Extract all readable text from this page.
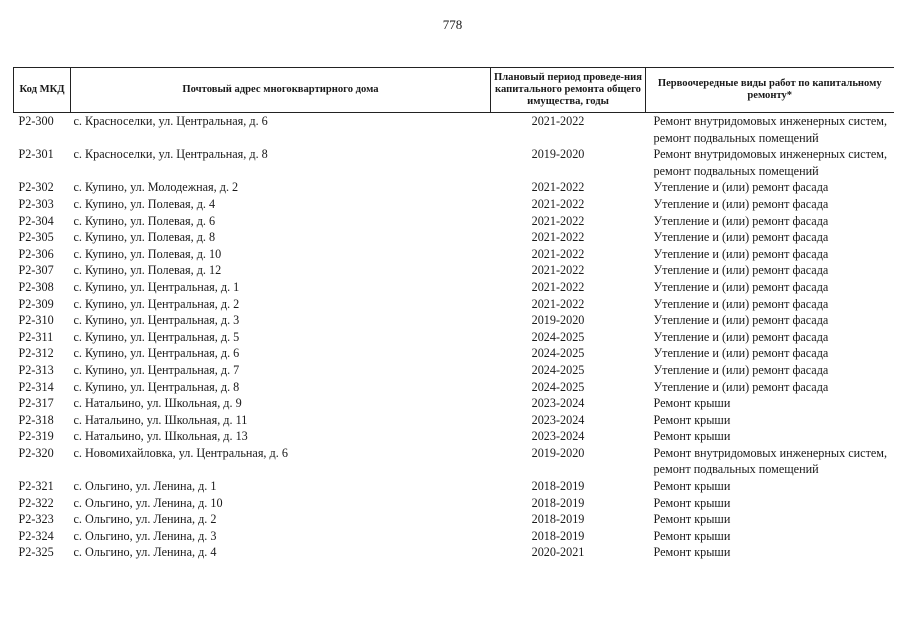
778
Код МКД	Почтовый адрес многоквартирного дома	Плановый период проведе-ния капитального ремонта общего имущества, годы	Первоочередные виды работ по капитальному ремонту*
Р2-300	с. Красноселки, ул. Центральная, д. 6	2021-2022	Ремонт внутридомовых инженерных систем, ремонт подвальных помещений
Р2-301	с. Красноселки, ул. Центральная, д. 8	2019-2020	Ремонт внутридомовых инженерных систем, ремонт подвальных помещений
Р2-302	с. Купино, ул. Молодежная, д. 2	2021-2022	Утепление и (или) ремонт фасада
Р2-303	с. Купино, ул. Полевая, д. 4	2021-2022	Утепление и (или) ремонт фасада
Р2-304	с. Купино, ул. Полевая, д. 6	2021-2022	Утепление и (или) ремонт фасада
Р2-305	с. Купино, ул. Полевая, д. 8	2021-2022	Утепление и (или) ремонт фасада
Р2-306	с. Купино, ул. Полевая, д. 10	2021-2022	Утепление и (или) ремонт фасада
Р2-307	с. Купино, ул. Полевая, д. 12	2021-2022	Утепление и (или) ремонт фасада
Р2-308	с. Купино, ул. Центральная, д. 1	2021-2022	Утепление и (или) ремонт фасада
Р2-309	с. Купино, ул. Центральная, д. 2	2021-2022	Утепление и (или) ремонт фасада
Р2-310	с. Купино, ул. Центральная, д. 3	2019-2020	Утепление и (или) ремонт фасада
Р2-311	с. Купино, ул. Центральная, д. 5	2024-2025	Утепление и (или) ремонт фасада
Р2-312	с. Купино, ул. Центральная, д. 6	2024-2025	Утепление и (или) ремонт фасада
Р2-313	с. Купино, ул. Центральная, д. 7	2024-2025	Утепление и (или) ремонт фасада
Р2-314	с. Купино, ул. Центральная, д. 8	2024-2025	Утепление и (или) ремонт фасада
Р2-317	с. Натальино, ул. Школьная, д. 9	2023-2024	Ремонт крыши
Р2-318	с. Натальино, ул. Школьная, д. 11	2023-2024	Ремонт крыши
Р2-319	с. Натальино, ул. Школьная, д. 13	2023-2024	Ремонт крыши
Р2-320	с. Новомихайловка, ул. Центральная, д. 6	2019-2020	Ремонт внутридомовых инженерных систем, ремонт подвальных помещений
Р2-321	с. Ольгино, ул. Ленина, д. 1	2018-2019	Ремонт крыши
Р2-322	с. Ольгино, ул. Ленина, д. 10	2018-2019	Ремонт крыши
Р2-323	с. Ольгино, ул. Ленина, д. 2	2018-2019	Ремонт крыши
Р2-324	с. Ольгино, ул. Ленина, д. 3	2018-2019	Ремонт крыши
Р2-325	с. Ольгино, ул. Ленина, д. 4	2020-2021	Ремонт крыши
